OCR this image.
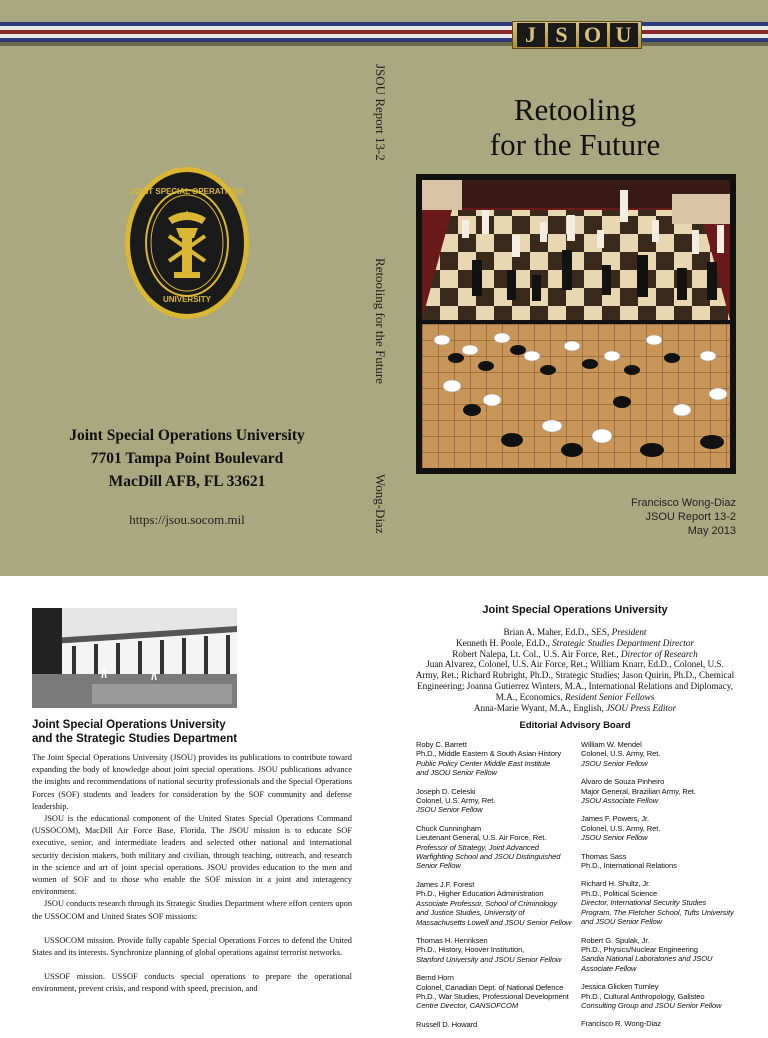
J S O U
JOINT SPECIAL OPERATIONS
UNIVERSITY
JSOU Report 13-2
Retooling for the Future
Wong-Diaz
Joint Special Operations University
7701 Tampa Point Boulevard
MacDill AFB, FL 33621
https://jsou.socom.mil
Retooling
for the Future
Francisco Wong-Diaz
JSOU Report 13-2
May 2013
Joint Special Operations University
and the Strategic Studies Department

The Joint Special Operations University (JSOU) provides its publications to contribute toward expanding the body of knowledge about joint special operations. JSOU publications advance the insights and recommendations of national security professionals and the Special Operations Forces (SOF) students and leaders for consideration by the SOF community and defense leadership.

JSOU is the educational component of the United States Special Operations Command (USSOCOM), MacDill Air Force Base, Florida. The JSOU mission is to educate SOF executive, senior, and intermediate leaders and selected other national and international security decision makers, both military and civilian, through teaching, outreach, and research in the science and art of joint special operations. JSOU provides education to the men and women of SOF and to those who enable the SOF mission in a joint and interagency environment.

JSOU conducts research through its Strategic Studies Department where effort centers upon the USSOCOM and United States SOF missions:

USSOCOM mission. Provide fully capable Special Operations Forces to defend the United States and its interests. Synchronize planning of global operations against terrorist networks.

USSOF mission. USSOF conducts special operations to prepare the operational environment, prevent crisis, and respond with speed, precision, and

Joint Special Operations University
Brian A. Maher, Ed.D., SES, President
Kenneth H. Poole, Ed.D., Strategic Studies Department Director
Robert Nalepa, Lt. Col., U.S. Air Force, Ret., Director of Research
Juan Alvarez, Colonel, U.S. Air Force, Ret.; William Knarr, Ed.D., Colonel, U.S. Army, Ret.; Richard Rubright, Ph.D., Strategic Studies; Jason Quirin, Ph.D., Chemical Engineering; Joanna Gutierrez Winters, M.A., International Relations and Diplomacy, M.A., Economics, Resident Senior Fellows
Anna-Marie Wyant, M.A., English, JSOU Press Editor
Editorial Advisory Board
Roby C. Barrett
Ph.D., Middle Eastern & South Asian History
Public Policy Center Middle East Institute
and JSOU Senior Fellow
Joseph D. Celeski
Colonel, U.S. Army, Ret.
JSOU Senior Fellow
Chuck Cunningham
Lieutenant General, U.S. Air Force, Ret.
Professor of Strategy, Joint Advanced
Warfighting School and JSOU Distinguished
Senior Fellow
James J.F. Forest
Ph.D., Higher Education Administration
Associate Professor, School of Criminology
and Justice Studies, University of
Massachusetts Lowell and JSOU Senior Fellow
Thomas H. Henriksen
Ph.D., History, Hoover Institution,
Stanford University and JSOU Senior Fellow
Bernd Horn
Colonel, Canadian Dept. of National Defence
Ph.D., War Studies, Professional Development
Centre Director, CANSOFCOM
Russell D. Howard
William W. Mendel
Colonel, U.S. Army, Ret.
JSOU Senior Fellow
Alvaro de Souza Pinheiro
Major General, Brazilian Army, Ret.
JSOU Associate Fellow
James F. Powers, Jr.
Colonel, U.S. Army, Ret.
JSOU Senior Fellow
Thomas Sass
Ph.D., International Relations
Richard H. Shultz, Jr.
Ph.D., Political Science
Director, International Security Studies
Program, The Fletcher School, Tufts University
and JSOU Senior Fellow
Robert G. Spulak, Jr.
Ph.D., Physics/Nuclear Engineering
Sandia National Laboratories and JSOU
Associate Fellow
Jessica Glicken Turnley
Ph.D., Cultural Anthropology, Galisteo
Consulting Group and JSOU Senior Fellow
Francisco R. Wong-Diaz
